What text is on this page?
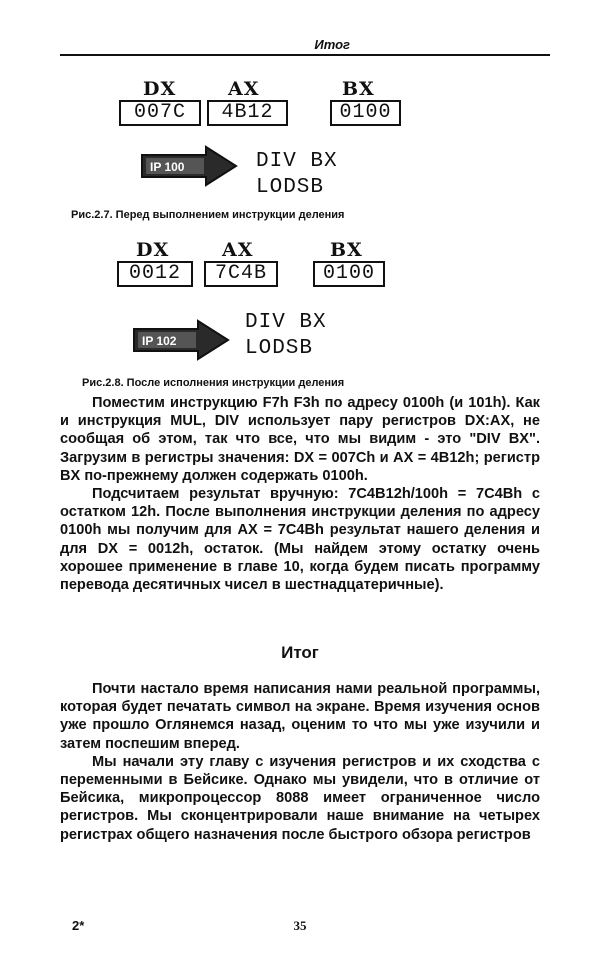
Итог
DX	AX	BX
007C	4B12	0100
IP 100	DIV BX
LODSB
Рис.2.7. Перед выполнением инструкции деления
DX	AX	BX
0012	7C4B	0100
IP 102
DIV BX
LODSB
Рис.2.8. После исполнения инструкции деления

Поместим инструкцию F7h F3h по адресу 0100h (и 101h). Как и инструкция MUL, DIV использует пару регистров DX:AX, не сообщая об этом, так что все, что мы видим - это "DIV BX". Загрузим в регистры значения: DX = 007Ch и AX = 4B12h; регистр BX по-прежнему должен содержать 0100h.

Подсчитаем результат вручную: 7C4B12h/100h = 7C4Bh с остатком 12h. После выполнения инструкции деления по адресу 0100h мы получим для AX = 7C4Bh результат нашего деления и для DX = 0012h, остаток. (Мы найдем этому остатку очень хорошее применение в главе 10, когда будем писать программу перевода десятичных чисел в шестнадцатеричные).

Итог

Почти настало время написания нами реальной программы, которая будет печатать символ на экране. Время изучения основ уже прошло Оглянемся назад, оценим то что мы уже изучили и затем поспешим вперед.

Мы начали эту главу с изучения регистров и их сходства с переменными в Бейсике. Однако мы увидели, что в отличие от Бейсика, микропроцессор 8088 имеет ограниченное число регистров. Мы сконцентрировали наше внимание на четырех регистрах общего назначения после быстрого обзора регистров

2*	35
